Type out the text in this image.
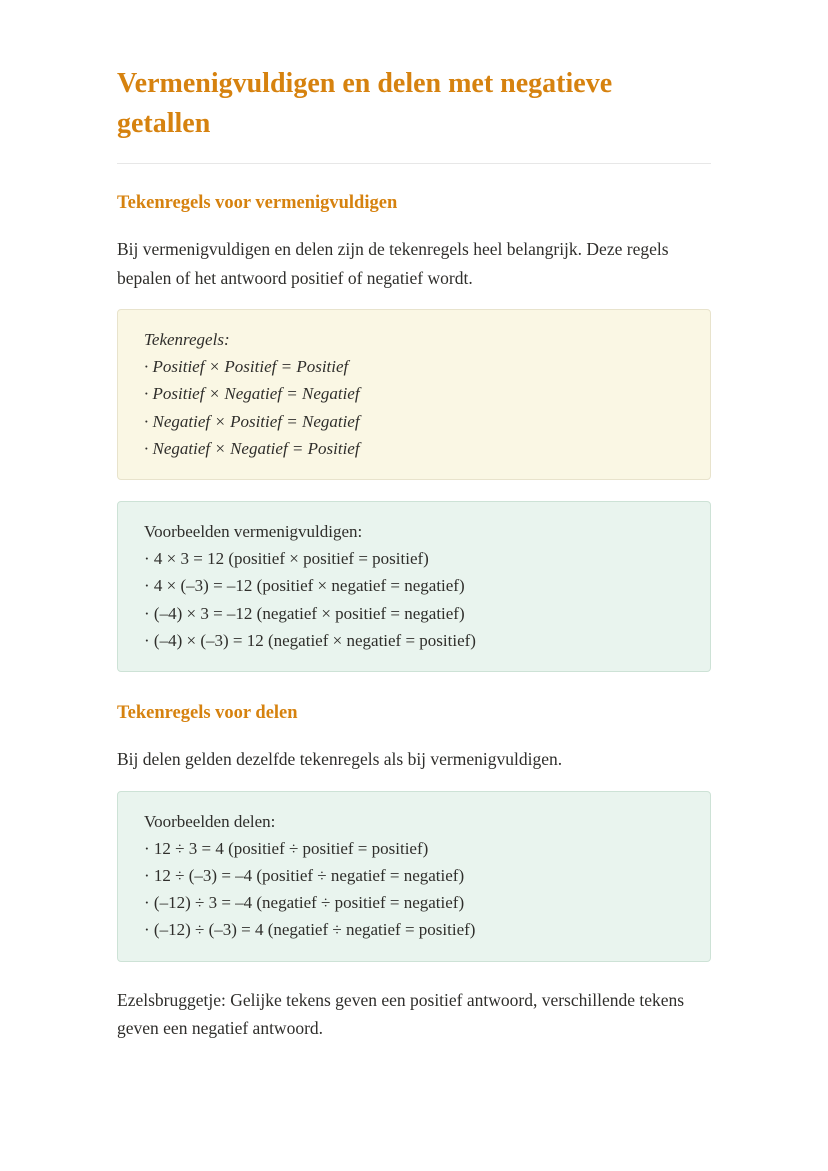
Vermenigvuldigen en delen met negatieve getallen
Tekenregels voor vermenigvuldigen

Bij vermenigvuldigen en delen zijn de tekenregels heel belangrijk. Deze regels bepalen of het antwoord positief of negatief wordt.

Tekenregels:

· Positief × Positief = Positief

· Positief × Negatief = Negatief

· Negatief × Positief = Negatief

· Negatief × Negatief = Positief

Voorbeelden vermenigvuldigen:

· 4 × 3 = 12 (positief × positief = positief)

· 4 × (–3) = –12 (positief × negatief = negatief)

· (–4) × 3 = –12 (negatief × positief = negatief)

· (–4) × (–3) = 12 (negatief × negatief = positief)

Tekenregels voor delen

Bij delen gelden dezelfde tekenregels als bij vermenigvuldigen.

Voorbeelden delen:

· 12 ÷ 3 = 4 (positief ÷ positief = positief)

· 12 ÷ (–3) = –4 (positief ÷ negatief = negatief)

· (–12) ÷ 3 = –4 (negatief ÷ positief = negatief)

· (–12) ÷ (–3) = 4 (negatief ÷ negatief = positief)

Ezelsbruggetje: Gelijke tekens geven een positief antwoord, verschillende tekens geven een negatief antwoord.
